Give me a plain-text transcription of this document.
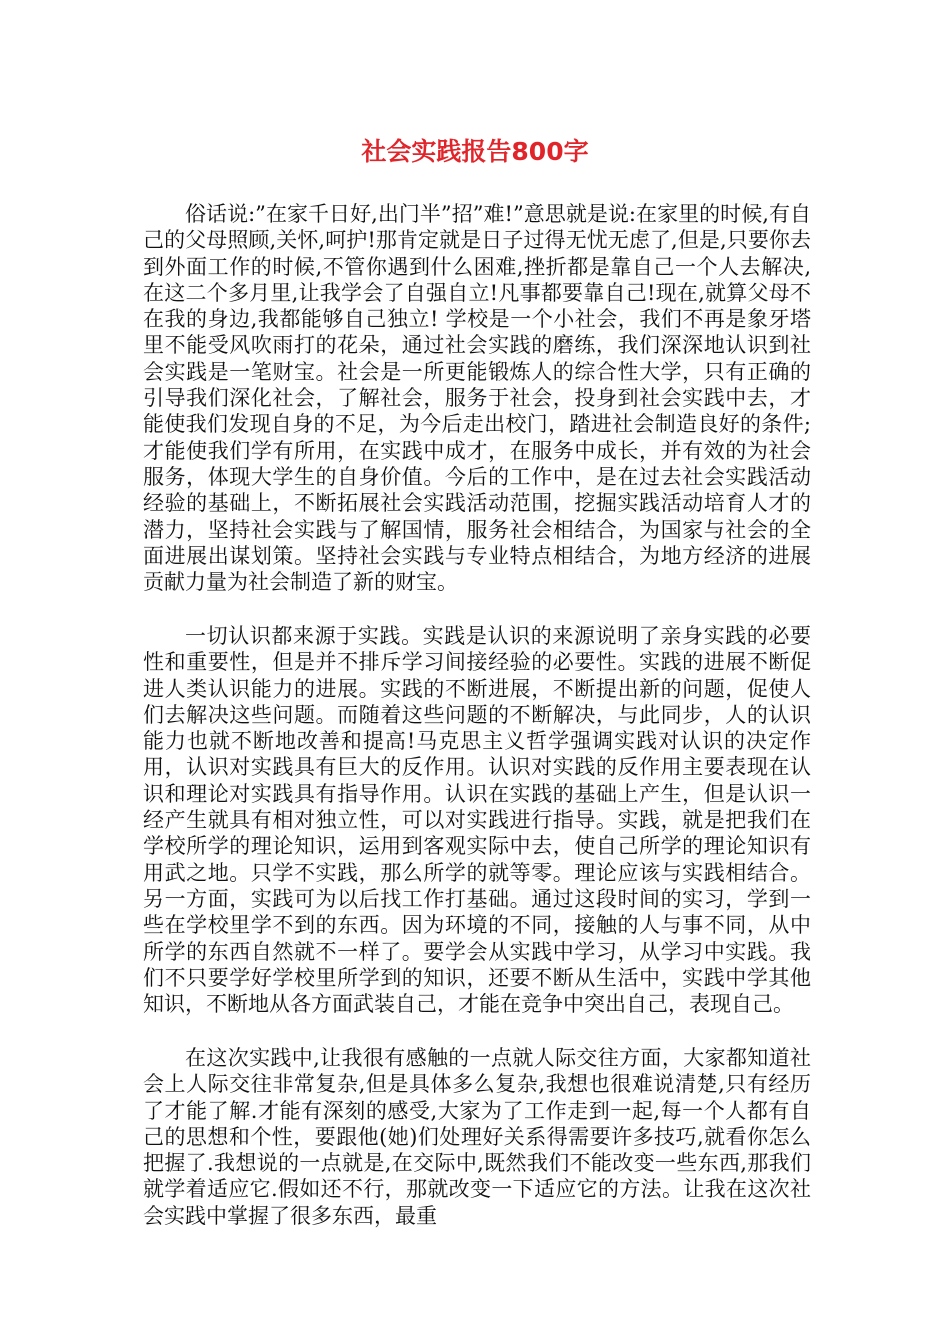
社会实践报告800字

俗话说:”在家千日好,出门半”招”难!”意思就是说:在家里的时候,有自己的父母照顾,关怀,呵护!那肯定就是日子过得无忧无虑了,但是,只要你去到外面工作的时候,不管你遇到什么困难,挫折都是靠自己一个人去解决,在这二个多月里,让我学会了自强自立!凡事都要靠自己!现在,就算父母不在我的身边,我都能够自己独立! 学校是一个小社会，我们不再是象牙塔里不能受风吹雨打的花朵，通过社会实践的磨练，我们深深地认识到社会实践是一笔财宝。社会是一所更能锻炼人的综合性大学，只有正确的引导我们深化社会，了解社会，服务于社会，投身到社会实践中去，才能使我们发现自身的不足，为今后走出校门，踏进社会制造良好的条件;才能使我们学有所用，在实践中成才，在服务中成长，并有效的为社会服务，体现大学生的自身价值。今后的工作中，是在过去社会实践活动经验的基础上，不断拓展社会实践活动范围，挖掘实践活动培育人才的潜力，坚持社会实践与了解国情，服务社会相结合，为国家与社会的全面进展出谋划策。坚持社会实践与专业特点相结合，为地方经济的进展贡献力量为社会制造了新的财宝。

一切认识都来源于实践。实践是认识的来源说明了亲身实践的必要性和重要性，但是并不排斥学习间接经验的必要性。实践的进展不断促进人类认识能力的进展。实践的不断进展，不断提出新的问题，促使人们去解决这些问题。而随着这些问题的不断解决，与此同步，人的认识能力也就不断地改善和提高!马克思主义哲学强调实践对认识的决定作用，认识对实践具有巨大的反作用。认识对实践的反作用主要表现在认识和理论对实践具有指导作用。认识在实践的基础上产生，但是认识一经产生就具有相对独立性，可以对实践进行指导。实践，就是把我们在学校所学的理论知识，运用到客观实际中去，使自己所学的理论知识有用武之地。只学不实践，那么所学的就等零。理论应该与实践相结合。另一方面，实践可为以后找工作打基础。通过这段时间的实习，学到一些在学校里学不到的东西。因为环境的不同，接触的人与事不同，从中所学的东西自然就不一样了。要学会从实践中学习，从学习中实践。我们不只要学好学校里所学到的知识，还要不断从生活中，实践中学其他知识，不断地从各方面武装自己，才能在竞争中突出自己，表现自己。

在这次实践中,让我很有感触的一点就人际交往方面，大家都知道社会上人际交往非常复杂,但是具体多么复杂,我想也很难说清楚,只有经历了才能了解.才能有深刻的感受,大家为了工作走到一起,每一个人都有自己的思想和个性，要跟他(她)们处理好关系得需要许多技巧,就看你怎么把握了.我想说的一点就是,在交际中,既然我们不能改变一些东西,那我们就学着适应它.假如还不行，那就改变一下适应它的方法。让我在这次社会实践中掌握了很多东西，最重
